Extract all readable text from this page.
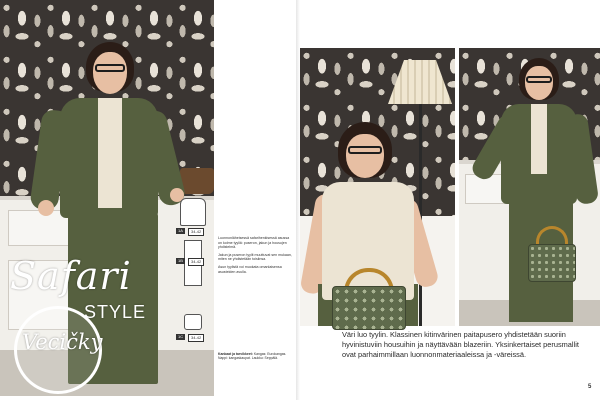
1A	34-42
1B	34-42
1C	34-42
Safari
STYLE
Vecičky

Luonnonläheisessä safarihenkisessä asussa on kolme tyyliä: puseron, jakun ja housujen yhdistelmä.

Jakun ja puseron tyylit muuttuvat sen mukaan, miten ne yhdistetään toisiinsa.

Asun tyylistä voi muokata omanlaisensa asusteiden avulla.

Kankaat ja tarvikkeet: Kangas: Eurokangas. Nappi: kangaskaupat. Laukku: Seppälä.
Väri luo tyylin. Klassinen kitinvärinen paitapusero yhdistetään suoriin hyvinistuviin housuihin ja näyttävään blazeriin. Yksinkertaiset perusmallit ovat parhaimmillaan luonnonmateriaaleissa ja -väreissä.
5
